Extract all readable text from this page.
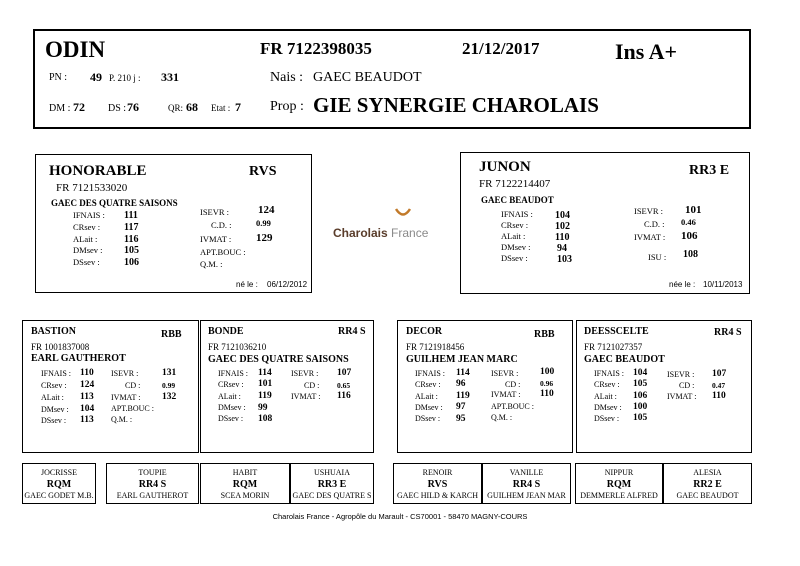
ODIN	FR 7122398035	21/12/2017	Ins A+
PN : 49 P. 210 j : 331	Nais : GAEC BEAUDOT
DM : 72 DS : 76	QR: 68 Etat : 7 Prop : GIE SYNERGIE CHAROLAIS
HONORABLE	RVS
FR 7121533020
GAEC DES QUATRE SAISONS
IFNAIS : 111
CRsev : 117
ALait :	116
DMsev : 105
DSsev : 106
ISEVR :	124
C.D. :	0.99
IVMAT : 129
APT.BOUC :
Q.M. :
né le : 06/12/2012
Charolais France
JUNON	RR3 E
FR 7122214407
GAEC BEAUDOT
IFNAIS : 104
CRsev :	102
ALait :	110
DMsev :	94
DSsev :	103
ISEVR : 101
C.D. : 0.46
IVMAT : 106
ISU : 108
née le : 10/11/2013
BASTION	RBB
FR 1001837008
EARL GAUTHEROT
IFNAIS : 110
CRsev : 124
ALait : 113
DMsev : 104
DSsev : 113
ISEVR : 131
CD :	0.99
IVMAT : 132
APT.BOUC :
Q.M. :
BONDE	RR4 S
FR 7121036210
GAEC DES QUATRE SAISONS
IFNAIS : 114
CRsev : 101
ALait : 119
DMsev : 99
DSsev : 108
ISEVR : 107
CD : 0.65
IVMAT : 116
DECOR	RBB
FR 7121918456
GUILHEM JEAN MARC
IFNAIS : 114
CRsev : 96
ALait : 119
DMsev : 97
DSsev : 95
ISEVR : 100
CD :	0.96
IVMAT : 110
APT.BOUC :
Q.M. :
DEESSCELTE	RR4 S
FR 7121027357
GAEC BEAUDOT
IFNAIS : 104
CRsev : 105
ALait : 106
DMsev : 100
DSsev : 105
ISEVR : 107
CD : 0.47
IVMAT : 110
JOCRISSE
RQM
GAEC GODET M.B.
TOUPIE
RR4 S
EARL GAUTHEROT
HABIT
RQM
SCEA MORIN
USHUAIA
RR3 E
GAEC DES QUATRE S
RENOIR
RVS
GAEC HILD & KARCH
VANILLE
RR4 S
GUILHEM JEAN MAR
NIPPUR
RQM
DEMMERLE ALFRED
ALESIA
RR2 E
GAEC BEAUDOT
Charolais France - Agropôle du Marault - CS70001 - 58470 MAGNY-COURS
